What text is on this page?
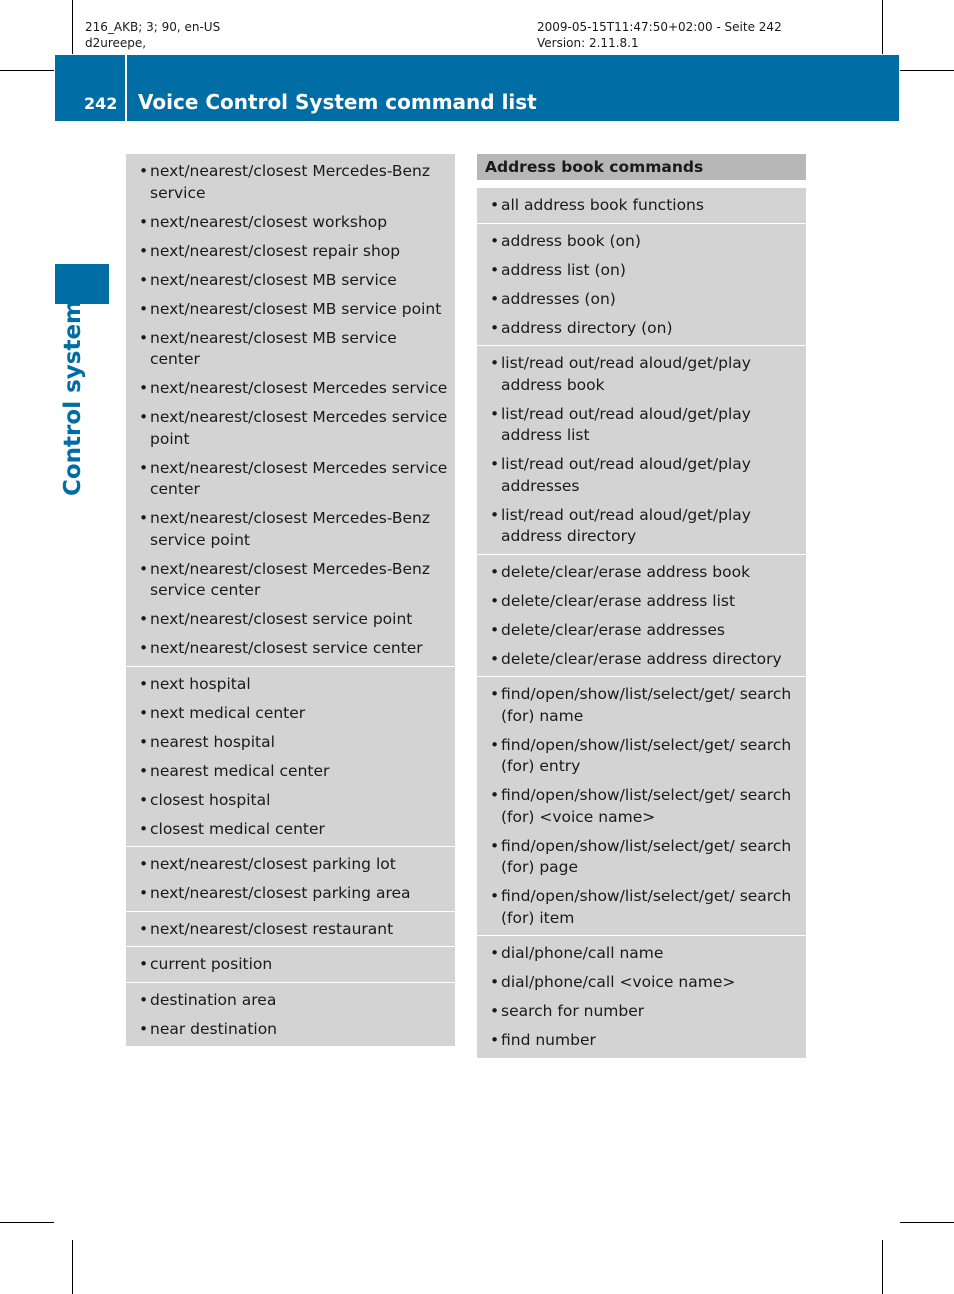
216_AKB; 3; 90, en-US
d2ureepe,
2009-05-15T11:47:50+02:00 - Seite 242
Version: 2.11.8.1
242 Voice Control System command list
Control systems
• next/nearest/closest Mercedes-Benz service
• next/nearest/closest workshop
• next/nearest/closest repair shop
• next/nearest/closest MB service
• next/nearest/closest MB service point
• next/nearest/closest MB service center
• next/nearest/closest Mercedes service
• next/nearest/closest Mercedes service point
• next/nearest/closest Mercedes service center
• next/nearest/closest Mercedes-Benz service point
• next/nearest/closest Mercedes-Benz service center
• next/nearest/closest service point
• next/nearest/closest service center
• next hospital
• next medical center
• nearest hospital
• nearest medical center
• closest hospital
• closest medical center
• next/nearest/closest parking lot
• next/nearest/closest parking area
• next/nearest/closest restaurant
• current position
• destination area
• near destination
Address book commands
• all address book functions
• address book (on)
• address list (on)
• addresses (on)
• address directory (on)
• list/read out/read aloud/get/play address book
• list/read out/read aloud/get/play address list
• list/read out/read aloud/get/play addresses
• list/read out/read aloud/get/play address directory
• delete/clear/erase address book
• delete/clear/erase address list
• delete/clear/erase addresses
• delete/clear/erase address directory
• find/open/show/list/select/get/ search (for) name
• find/open/show/list/select/get/ search (for) entry
• find/open/show/list/select/get/ search (for) <voice name>
• find/open/show/list/select/get/ search (for) page
• find/open/show/list/select/get/ search (for) item
• dial/phone/call name
• dial/phone/call <voice name>
• search for number
• find number
